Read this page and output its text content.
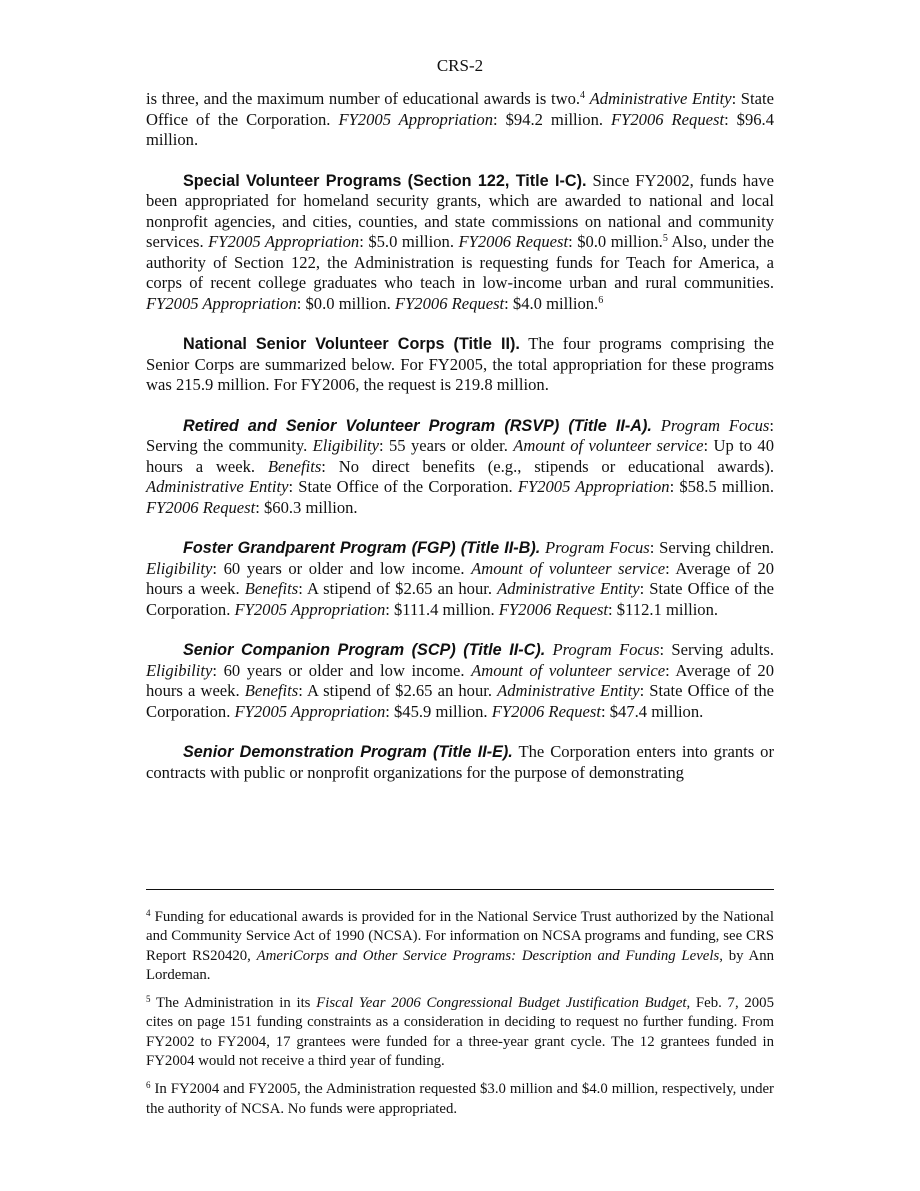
CRS-2

is three, and the maximum number of educational awards is two.$^4$ Administrative Entity: State Office of the Corporation. FY2005 Appropriation: $94.2 million. FY2006 Request: $96.4 million.

Special Volunteer Programs (Section 122, Title I-C). Since FY2002, funds have been appropriated for homeland security grants, which are awarded to national and local nonprofit agencies, and cities, counties, and state commissions on national and community services. FY2005 Appropriation: $5.0 million. FY2006 Request: $0.0 million.$^5$ Also, under the authority of Section 122, the Administration is requesting funds for Teach for America, a corps of recent college graduates who teach in low-income urban and rural communities. FY2005 Appropriation: $0.0 million. FY2006 Request: $4.0 million.$^6$

National Senior Volunteer Corps (Title II). The four programs comprising the Senior Corps are summarized below. For FY2005, the total appropriation for these programs was 215.9 million. For FY2006, the request is 219.8 million.

Retired and Senior Volunteer Program (RSVP) (Title II-A). Program Focus: Serving the community. Eligibility: 55 years or older. Amount of volunteer service: Up to 40 hours a week. Benefits: No direct benefits (e.g., stipends or educational awards). Administrative Entity: State Office of the Corporation. FY2005 Appropriation: $58.5 million. FY2006 Request: $60.3 million.

Foster Grandparent Program (FGP) (Title II-B). Program Focus: Serving children. Eligibility: 60 years or older and low income. Amount of volunteer service: Average of 20 hours a week. Benefits: A stipend of $2.65 an hour. Administrative Entity: State Office of the Corporation. FY2005 Appropriation: $111.4 million. FY2006 Request: $112.1 million.

Senior Companion Program (SCP) (Title II-C). Program Focus: Serving adults. Eligibility: 60 years or older and low income. Amount of volunteer service: Average of 20 hours a week. Benefits: A stipend of $2.65 an hour. Administrative Entity: State Office of the Corporation. FY2005 Appropriation: $45.9 million. FY2006 Request: $47.4 million.

Senior Demonstration Program (Title II-E). The Corporation enters into grants or contracts with public or nonprofit organizations for the purpose of demonstrating

$^4$ Funding for educational awards is provided for in the National Service Trust authorized by the National and Community Service Act of 1990 (NCSA). For information on NCSA programs and funding, see CRS Report RS20420, AmeriCorps and Other Service Programs: Description and Funding Levels, by Ann Lordeman.

$^5$ The Administration in its Fiscal Year 2006 Congressional Budget Justification Budget, Feb. 7, 2005 cites on page 151 funding constraints as a consideration in deciding to request no further funding. From FY2002 to FY2004, 17 grantees were funded for a three-year grant cycle. The 12 grantees funded in FY2004 would not receive a third year of funding.

$^6$ In FY2004 and FY2005, the Administration requested $3.0 million and $4.0 million, respectively, under the authority of NCSA. No funds were appropriated.
